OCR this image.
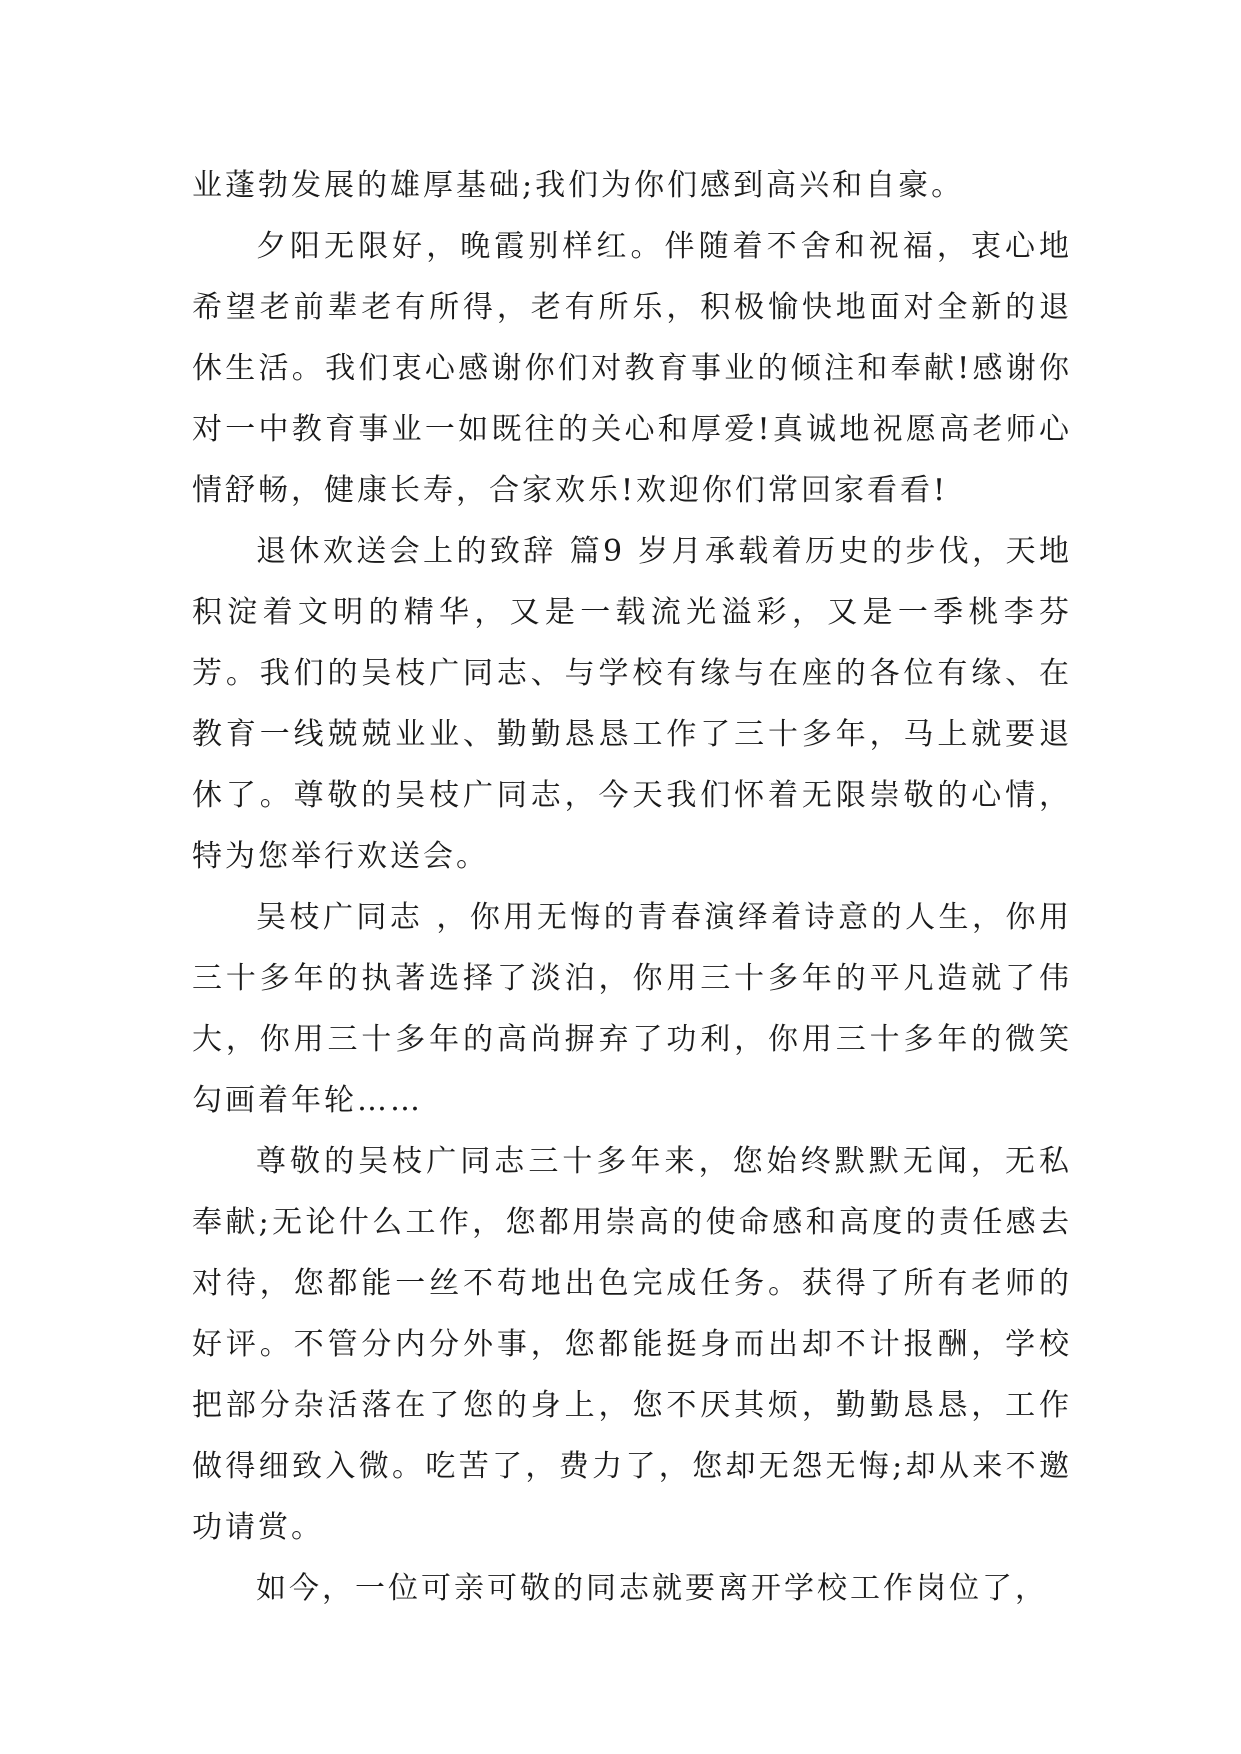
业蓬勃发展的雄厚基础;我们为你们感到高兴和自豪。

夕阳无限好，晚霞别样红。伴随着不舍和祝福，衷心地希望老前辈老有所得，老有所乐，积极愉快地面对全新的退休生活。我们衷心感谢你们对教育事业的倾注和奉献!感谢你对一中教育事业一如既往的关心和厚爱!真诚地祝愿高老师心情舒畅，健康长寿，合家欢乐!欢迎你们常回家看看!

退休欢送会上的致辞 篇9 岁月承载着历史的步伐，天地积淀着文明的精华，又是一载流光溢彩，又是一季桃李芬芳。我们的吴枝广同志、与学校有缘与在座的各位有缘、在教育一线兢兢业业、勤勤恳恳工作了三十多年，马上就要退休了。尊敬的吴枝广同志，今天我们怀着无限崇敬的心情，特为您举行欢送会。

吴枝广同志 ，你用无悔的青春演绎着诗意的人生，你用三十多年的执著选择了淡泊，你用三十多年的平凡造就了伟大，你用三十多年的高尚摒弃了功利，你用三十多年的微笑勾画着年轮……

尊敬的吴枝广同志三十多年来，您始终默默无闻，无私奉献;无论什么工作，您都用崇高的使命感和高度的责任感去对待，您都能一丝不苟地出色完成任务。获得了所有老师的好评。不管分内分外事，您都能挺身而出却不计报酬，学校把部分杂活落在了您的身上，您不厌其烦，勤勤恳恳，工作做得细致入微。吃苦了，费力了，您却无怨无悔;却从来不邀功请赏。

如今，一位可亲可敬的同志就要离开学校工作岗位了，
